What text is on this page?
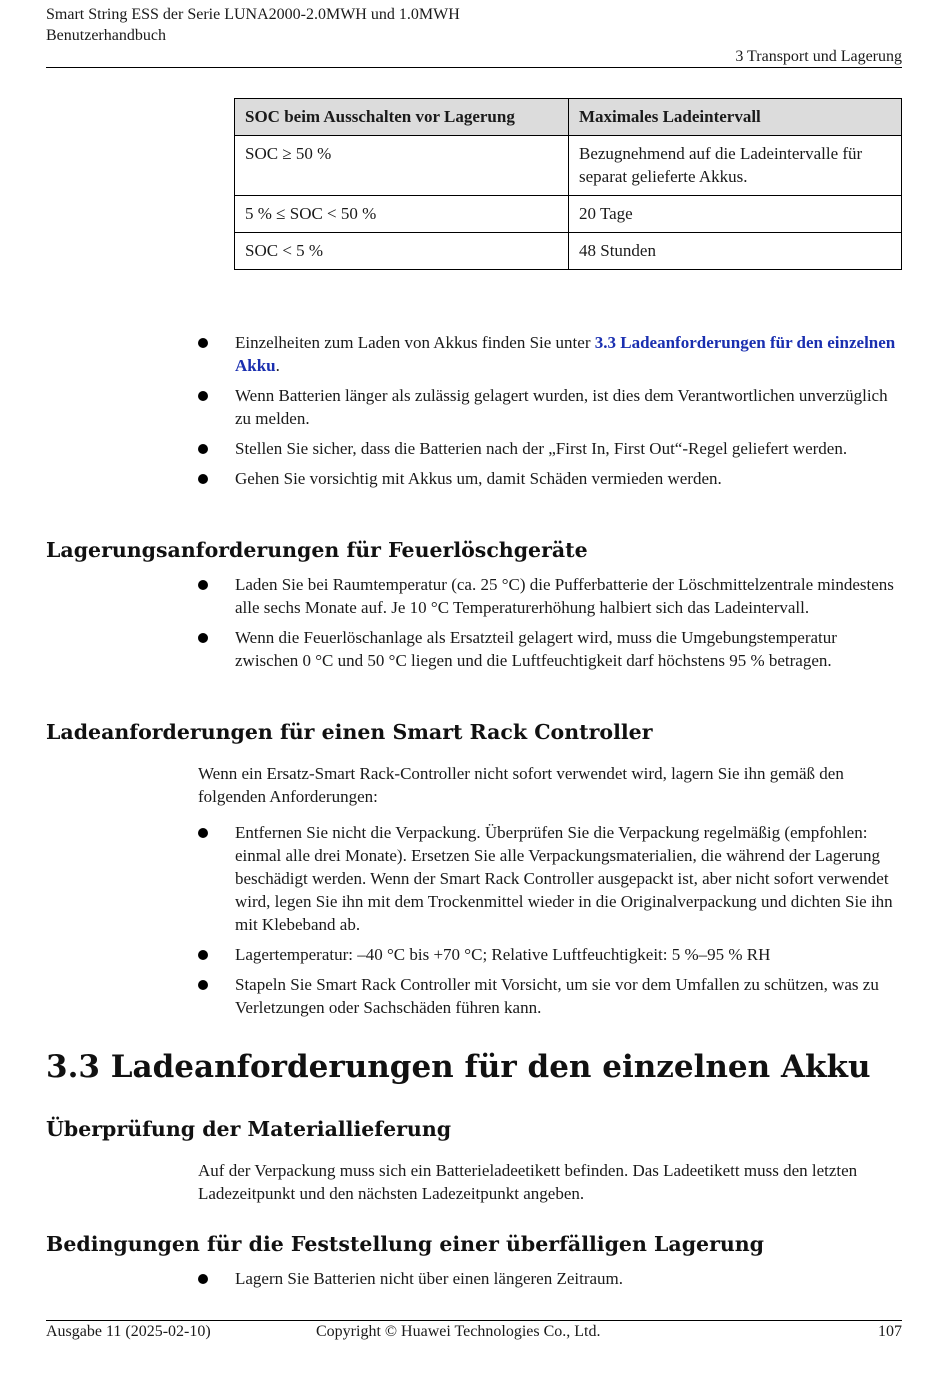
Smart String ESS der Serie LUNA2000-2.0MWH und 1.0MWH
Benutzerhandbuch
3 Transport und Lagerung
SOC beim Ausschalten vor Lagerung	Maximales Ladeintervall
SOC ≥ 50 %	Bezugnehmend auf die Ladeintervalle für separat gelieferte Akkus.
5 % ≤ SOC < 50 %	20 Tage
SOC < 5 %	48 Stunden
Einzelheiten zum Laden von Akkus finden Sie unter 3.3 Ladeanforderungen für den einzelnen Akku.
Wenn Batterien länger als zulässig gelagert wurden, ist dies dem Verantwortlichen unverzüglich zu melden.
Stellen Sie sicher, dass die Batterien nach der „First In, First Out“-Regel geliefert werden.
Gehen Sie vorsichtig mit Akkus um, damit Schäden vermieden werden.
Lagerungsanforderungen für Feuerlöschgeräte
Laden Sie bei Raumtemperatur (ca. 25 °C) die Pufferbatterie der Löschmittelzentrale mindestens alle sechs Monate auf. Je 10 °C Temperaturerhöhung halbiert sich das Ladeintervall.
Wenn die Feuerlöschanlage als Ersatzteil gelagert wird, muss die Umgebungstemperatur zwischen 0 °C und 50 °C liegen und die Luftfeuchtigkeit darf höchstens 95 % betragen.
Ladeanforderungen für einen Smart Rack Controller

Wenn ein Ersatz-Smart Rack-Controller nicht sofort verwendet wird, lagern Sie ihn gemäß den folgenden Anforderungen:

Entfernen Sie nicht die Verpackung. Überprüfen Sie die Verpackung regelmäßig (empfohlen: einmal alle drei Monate). Ersetzen Sie alle Verpackungsmaterialien, die während der Lagerung beschädigt werden. Wenn der Smart Rack Controller ausgepackt ist, aber nicht sofort verwendet wird, legen Sie ihn mit dem Trockenmittel wieder in die Originalverpackung und dichten Sie ihn mit Klebeband ab.
Lagertemperatur: –40 °C bis +70 °C; Relative Luftfeuchtigkeit: 5 %–95 % RH
Stapeln Sie Smart Rack Controller mit Vorsicht, um sie vor dem Umfallen zu schützen, was zu Verletzungen oder Sachschäden führen kann.
3.3 Ladeanforderungen für den einzelnen Akku
Überprüfung der Materiallieferung

Auf der Verpackung muss sich ein Batterieladeetikett befinden. Das Ladeetikett muss den letzten Ladezeitpunkt und den nächsten Ladezeitpunkt angeben.

Bedingungen für die Feststellung einer überfälligen Lagerung
Lagern Sie Batterien nicht über einen längeren Zeitraum.
Ausgabe 11 (2025-02-10)	Copyright © Huawei Technologies Co., Ltd.	107
